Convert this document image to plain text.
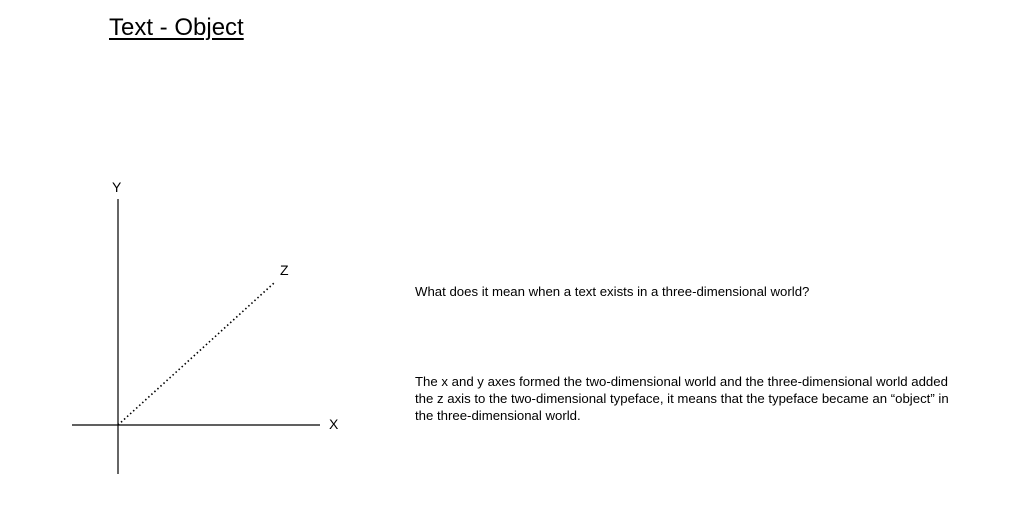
Text - Object
Y
Z
X

What does it mean when a text exists in a three-dimensional world?

The x and y axes formed the two-dimensional world and the three-dimensional world added the z axis to the two-dimensional typeface, it means that the typeface became an “object” in the three-dimensional world.
